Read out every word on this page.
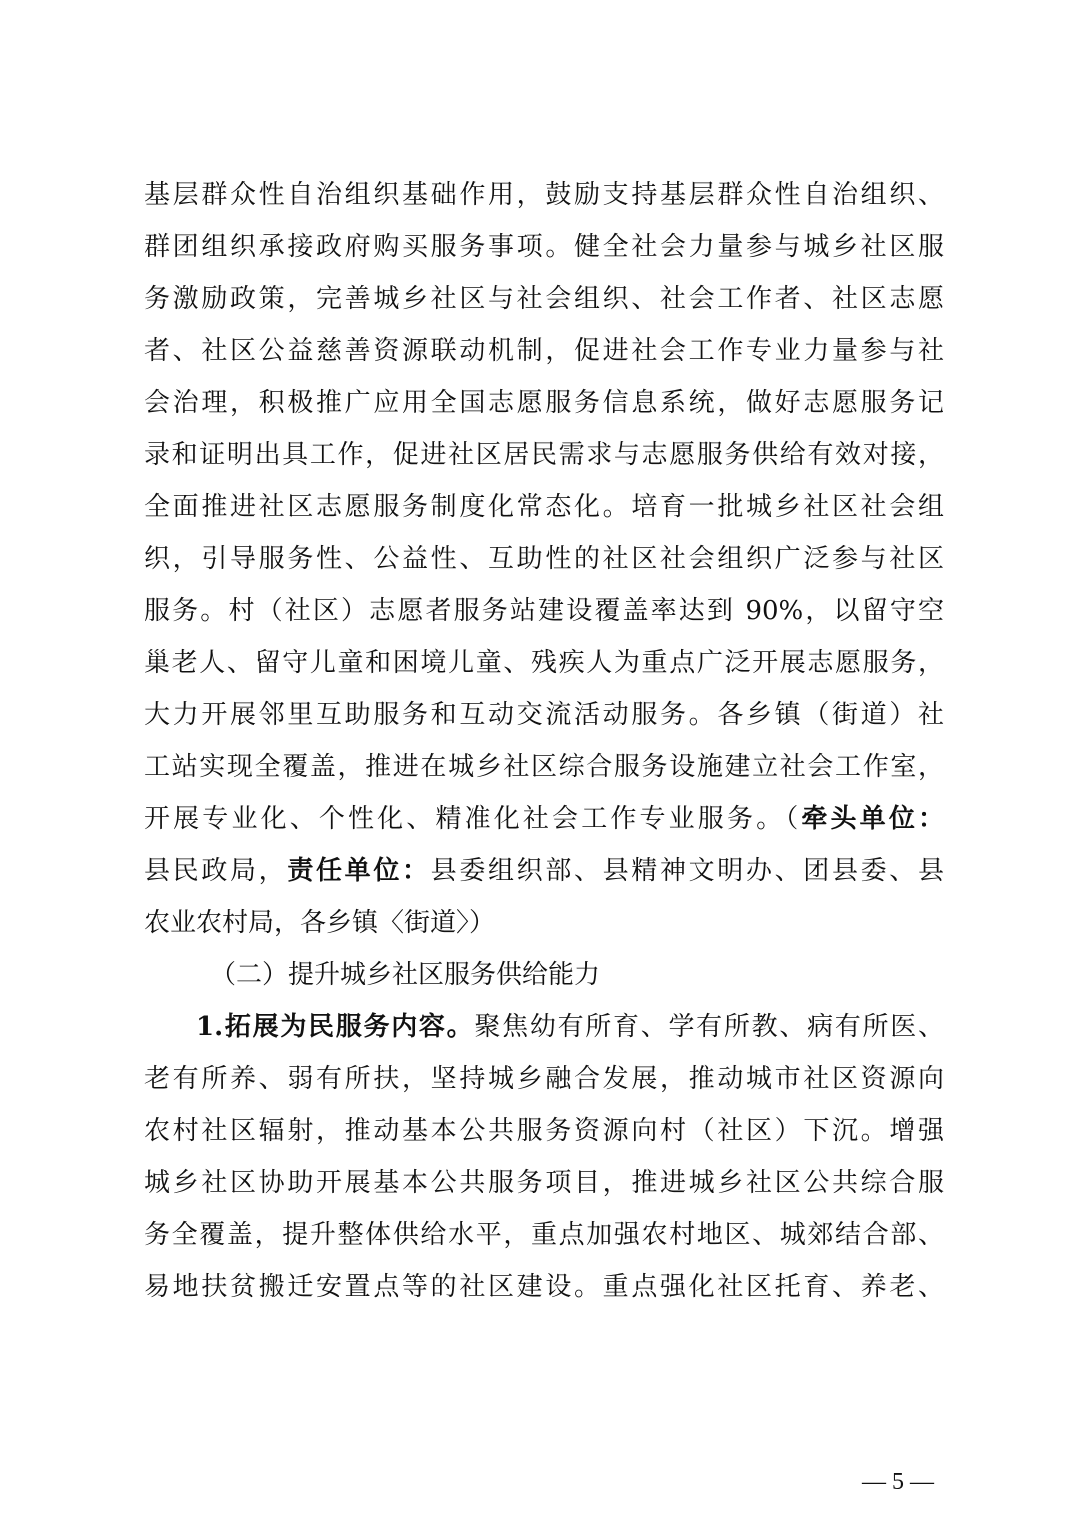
基层群众性自治组织基础作用，鼓励支持基层群众性自治组织、
群团组织承接政府购买服务事项。健全社会力量参与城乡社区服
务激励政策，完善城乡社区与社会组织、社会工作者、社区志愿
者、社区公益慈善资源联动机制，促进社会工作专业力量参与社
会治理，积极推广应用全国志愿服务信息系统，做好志愿服务记
录和证明出具工作，促进社区居民需求与志愿服务供给有效对接，
全面推进社区志愿服务制度化常态化。培育一批城乡社区社会组
织，引导服务性、公益性、互助性的社区社会组织广泛参与社区
服务。村（社区）志愿者服务站建设覆盖率达到 90%，以留守空
巢老人、留守儿童和困境儿童、残疾人为重点广泛开展志愿服务，
大力开展邻里互助服务和互动交流活动服务。各乡镇（街道）社
工站实现全覆盖，推进在城乡社区综合服务设施建立社会工作室，
开展专业化、个性化、精准化社会工作专业服务。（牵头单位：
县民政局，责任单位：县委组织部、县精神文明办、团县委、县
农业农村局，各乡镇〈街道〉）
（二）提升城乡社区服务供给能力
1.拓展为民服务内容。聚焦幼有所育、学有所教、病有所医、
老有所养、弱有所扶，坚持城乡融合发展，推动城市社区资源向
农村社区辐射，推动基本公共服务资源向村（社区）下沉。增强
城乡社区协助开展基本公共服务项目，推进城乡社区公共综合服
务全覆盖，提升整体供给水平，重点加强农村地区、城郊结合部、
易地扶贫搬迁安置点等的社区建设。重点强化社区托育、养老、
— 5 —
